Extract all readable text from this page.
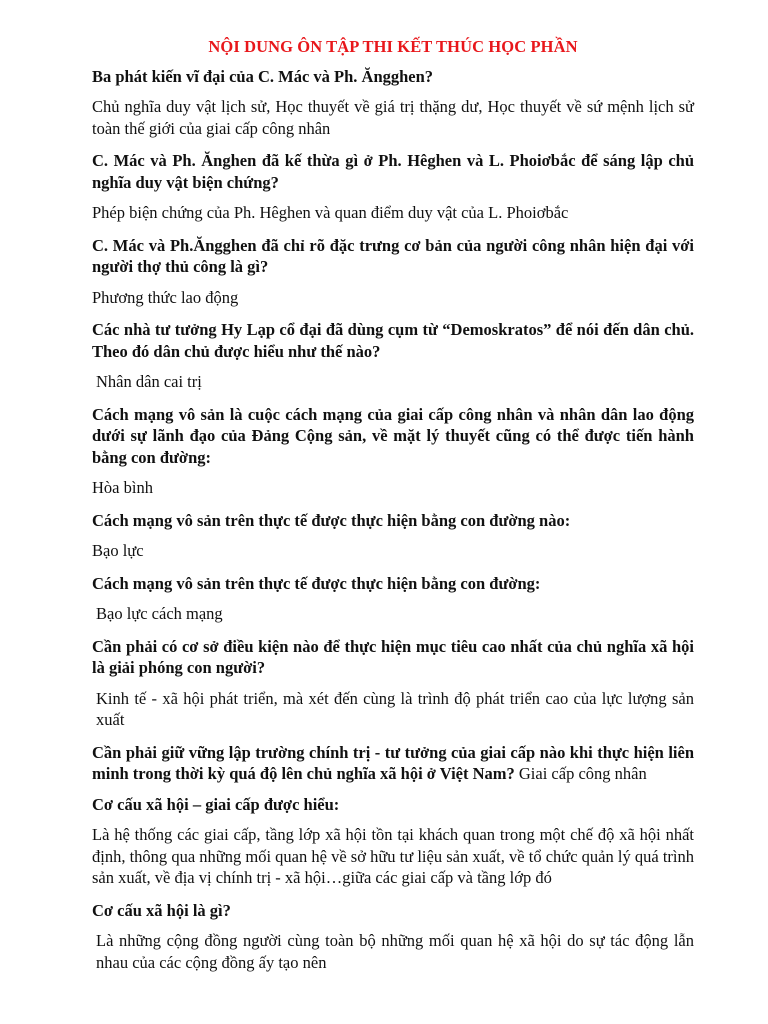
NỘI DUNG ÔN TẬP THI KẾT THÚC HỌC PHẦN
Ba phát kiến vĩ đại của C. Mác và Ph. Ăngghen?
Chủ nghĩa duy vật lịch sử, Học thuyết về giá trị thặng dư, Học thuyết về sứ mệnh lịch sử toàn thế giới của giai cấp công nhân
C. Mác và Ph. Ănghen đã kế thừa gì ở Ph. Hêghen và L. Phoiơbắc để sáng lập chủ nghĩa duy vật biện chứng?
Phép biện chứng của Ph. Hêghen và quan điểm duy vật của L. Phoiơbắc
C. Mác và Ph.Ăngghen đã chỉ rõ đặc trưng cơ bản của người công nhân hiện đại với người thợ thủ công là gì?
Phương thức lao động
Các nhà tư tưởng Hy Lạp cổ đại đã dùng cụm từ “Demoskratos” để nói đến dân chủ. Theo đó dân chủ được hiểu như thế nào?
Nhân dân cai trị
Cách mạng vô sản là cuộc cách mạng của giai cấp công nhân và nhân dân lao động dưới sự lãnh đạo của Đảng Cộng sản, về mặt lý thuyết cũng có thể được tiến hành bằng con đường:
Hòa bình
Cách mạng vô sản trên thực tế được thực hiện bằng con đường nào:
Bạo lực
Cách mạng vô sản trên thực tế được thực hiện bằng con đường:
Bạo lực cách mạng
Cần phải có cơ sở điều kiện nào để thực hiện mục tiêu cao nhất của chủ nghĩa xã hội là giải phóng con người?
Kinh tế - xã hội phát triển, mà xét đến cùng là trình độ phát triển cao của lực lượng sản xuất
Cần phải giữ vững lập trường chính trị - tư tưởng của giai cấp nào khi thực hiện liên minh trong thời kỳ quá độ lên chủ nghĩa xã hội ở Việt Nam? Giai cấp công nhân
Cơ cấu xã hội – giai cấp được hiểu:
Là hệ thống các giai cấp, tầng lớp xã hội tồn tại khách quan trong một chế độ xã hội nhất định, thông qua những mối quan hệ về sở hữu tư liệu sản xuất, về tổ chức quản lý quá trình sản xuất, về địa vị chính trị - xã hội…giữa các giai cấp và tầng lớp đó
Cơ cấu xã hội là gì?
Là những cộng đồng người cùng toàn bộ những mối quan hệ xã hội do sự tác động lẫn nhau của các cộng đồng ấy tạo nên
